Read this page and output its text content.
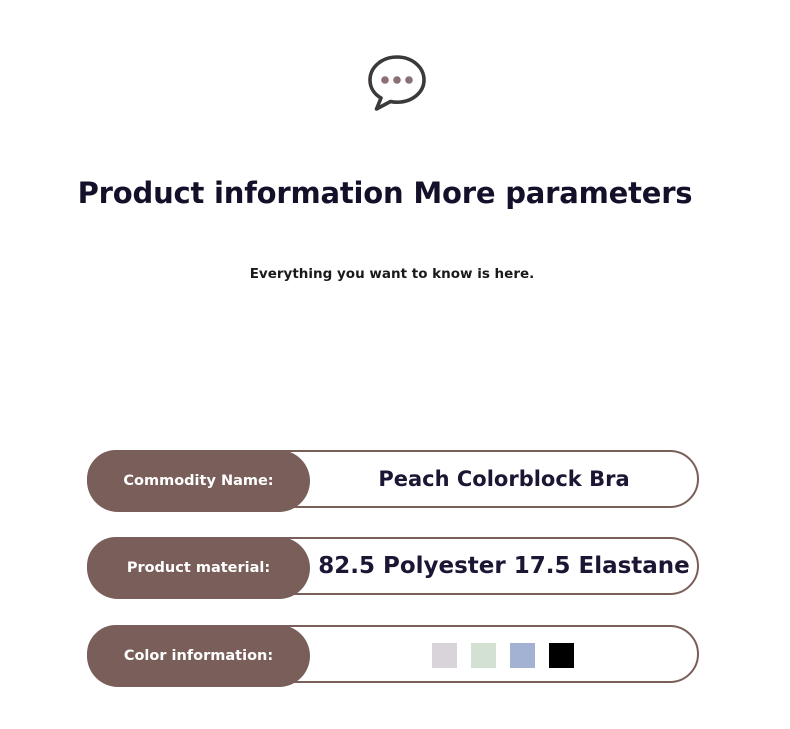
Product information More parameters
Everything you want to know is here.
Commodity Name:	Peach Colorblock Bra
Product material:	82.5 Polyester 17.5 Elastane
Color information:
